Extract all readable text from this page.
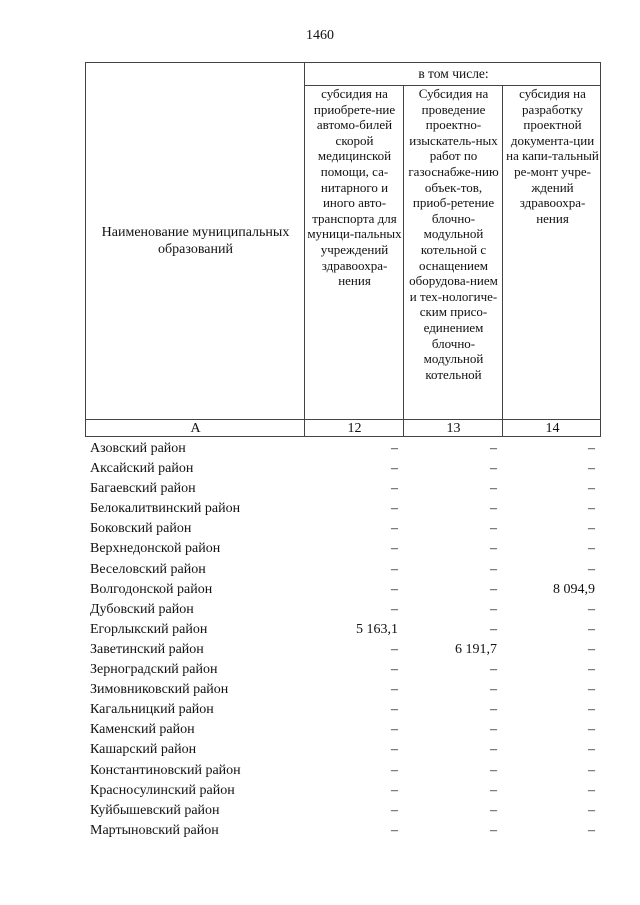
1460
Наименование муниципальных образований
в том числе:
субсидия на приобрете-ние автомо-билей скорой медицинской помощи, са-нитарного и иного авто-транспорта для муници-пальных учреждений здравоохра-нения
Субсидия на проведение проектно-изыскатель-ных работ по газоснабже-нию объек-тов, приоб-ретение блочно-модульной котельной с оснащением оборудова-нием и тех-нологиче-ским присо-единением блочно-модульной котельной
субсидия на разработку проектной документа-ции на капи-тальный ре-монт учре-ждений здравоохра-нения
А	12	13	14
Азовский район	–	–	–
Аксайский район	–	–	–
Багаевский район	–	–	–
Белокалитвинский район	–	–	–
Боковский район	–	–	–
Верхнедонской район	–	–	–
Веселовский район	–	–	–
Волгодонской район	–	–	8 094,9
Дубовский район	–	–	–
Егорлыкский район	5 163,1	–	–
Заветинский район	–	6 191,7	–
Зерноградский район	–	–	–
Зимовниковский район	–	–	–
Кагальницкий район	–	–	–
Каменский район	–	–	–
Кашарский район	–	–	–
Константиновский район	–	–	–
Красносулинский район	–	–	–
Куйбышевский район	–	–	–
Мартыновский район	–	–	–
